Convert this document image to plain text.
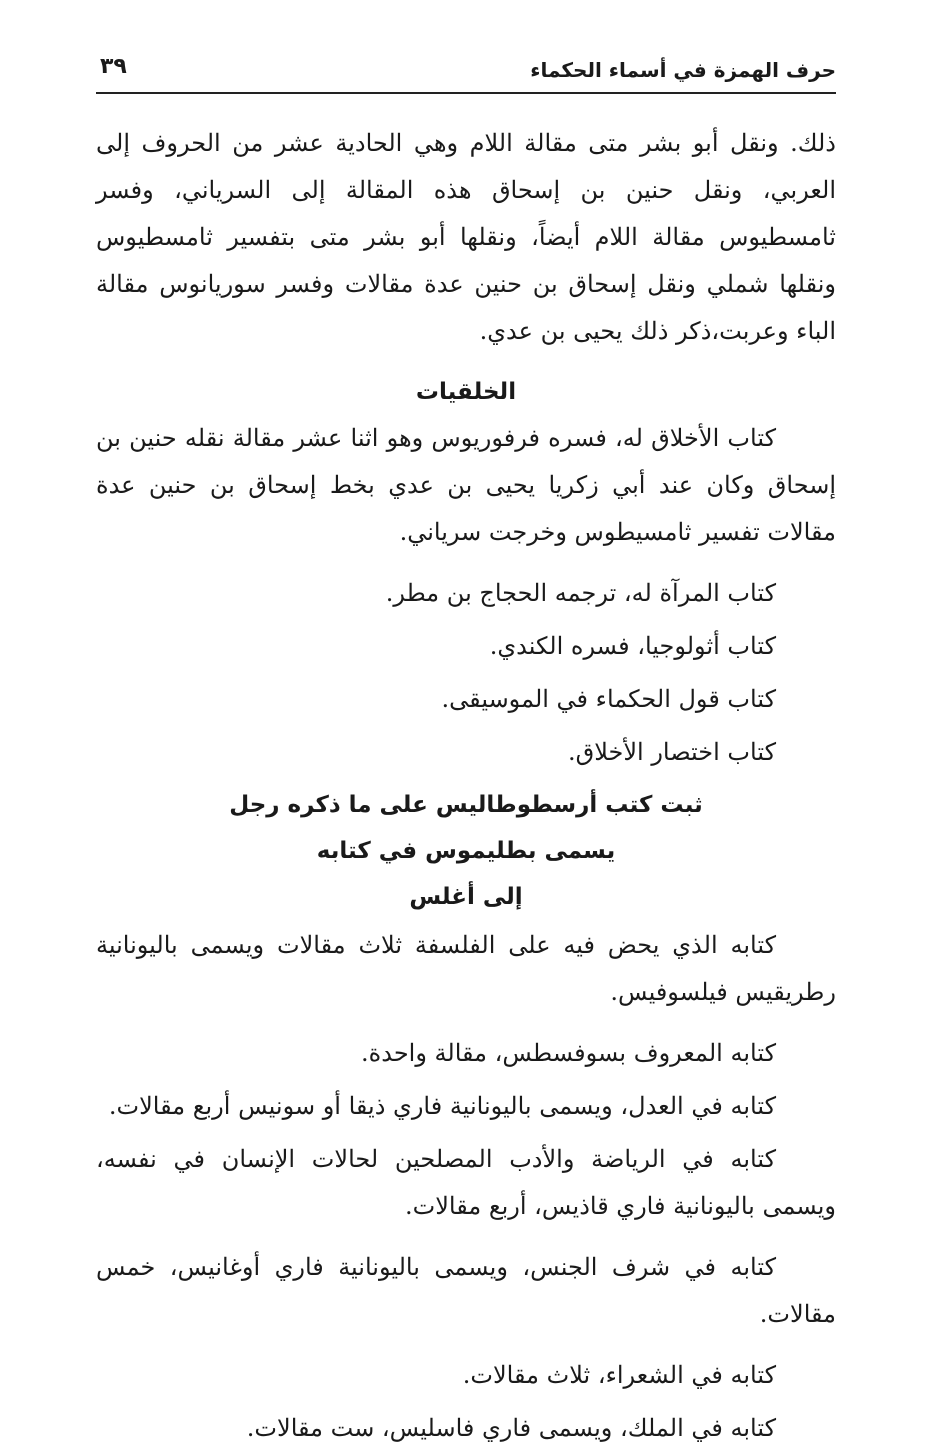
حرف الهمزة في أسماء الحكماء
٣٩

ذلك. ونقل أبو بشر متى مقالة اللام وهي الحادية عشر من الحروف إلى العربي، ونقل حنين بن إسحاق هذه المقالة إلى السرياني، وفسر ثامسطيوس مقالة اللام أيضاً، ونقلها أبو بشر متى بتفسير ثامسطيوس ونقلها شملي ونقل إسحاق بن حنين عدة مقالات وفسر سوريانوس مقالة الباء وعربت،ذكر ذلك يحيى بن عدي.

الخلقيات

كتاب الأخلاق له، فسره فرفوريوس وهو اثنا عشر مقالة نقله حنين بن إسحاق وكان عند أبي زكريا يحيى بن عدي بخط إسحاق بن حنين عدة مقالات تفسير ثامسيطوس وخرجت سرياني.

كتاب المرآة له، ترجمه الحجاج بن مطر.

كتاب أثولوجيا، فسره الكندي.

كتاب قول الحكماء في الموسيقى.

كتاب اختصار الأخلاق.

ثبت كتب أرسطوطاليس على ما ذكره رجل
يسمى بطليموس في كتابه
إلى أغلس

كتابه الذي يحض فيه على الفلسفة ثلاث مقالات ويسمى باليونانية رطريقيس فيلسوفيس.

كتابه المعروف بسوفسطس، مقالة واحدة.

كتابه في العدل، ويسمى باليونانية فاري ذيقا أو سونيس أربع مقالات.

كتابه في الرياضة والأدب المصلحين لحالات الإنسان في نفسه، ويسمى باليونانية فاري قاذيس، أربع مقالات.

كتابه في شرف الجنس، ويسمى باليونانية فاري أوغانيس، خمس مقالات.

كتابه في الشعراء، ثلاث مقالات.

كتابه في الملك، ويسمى فاري فاسليس، ست مقالات.
